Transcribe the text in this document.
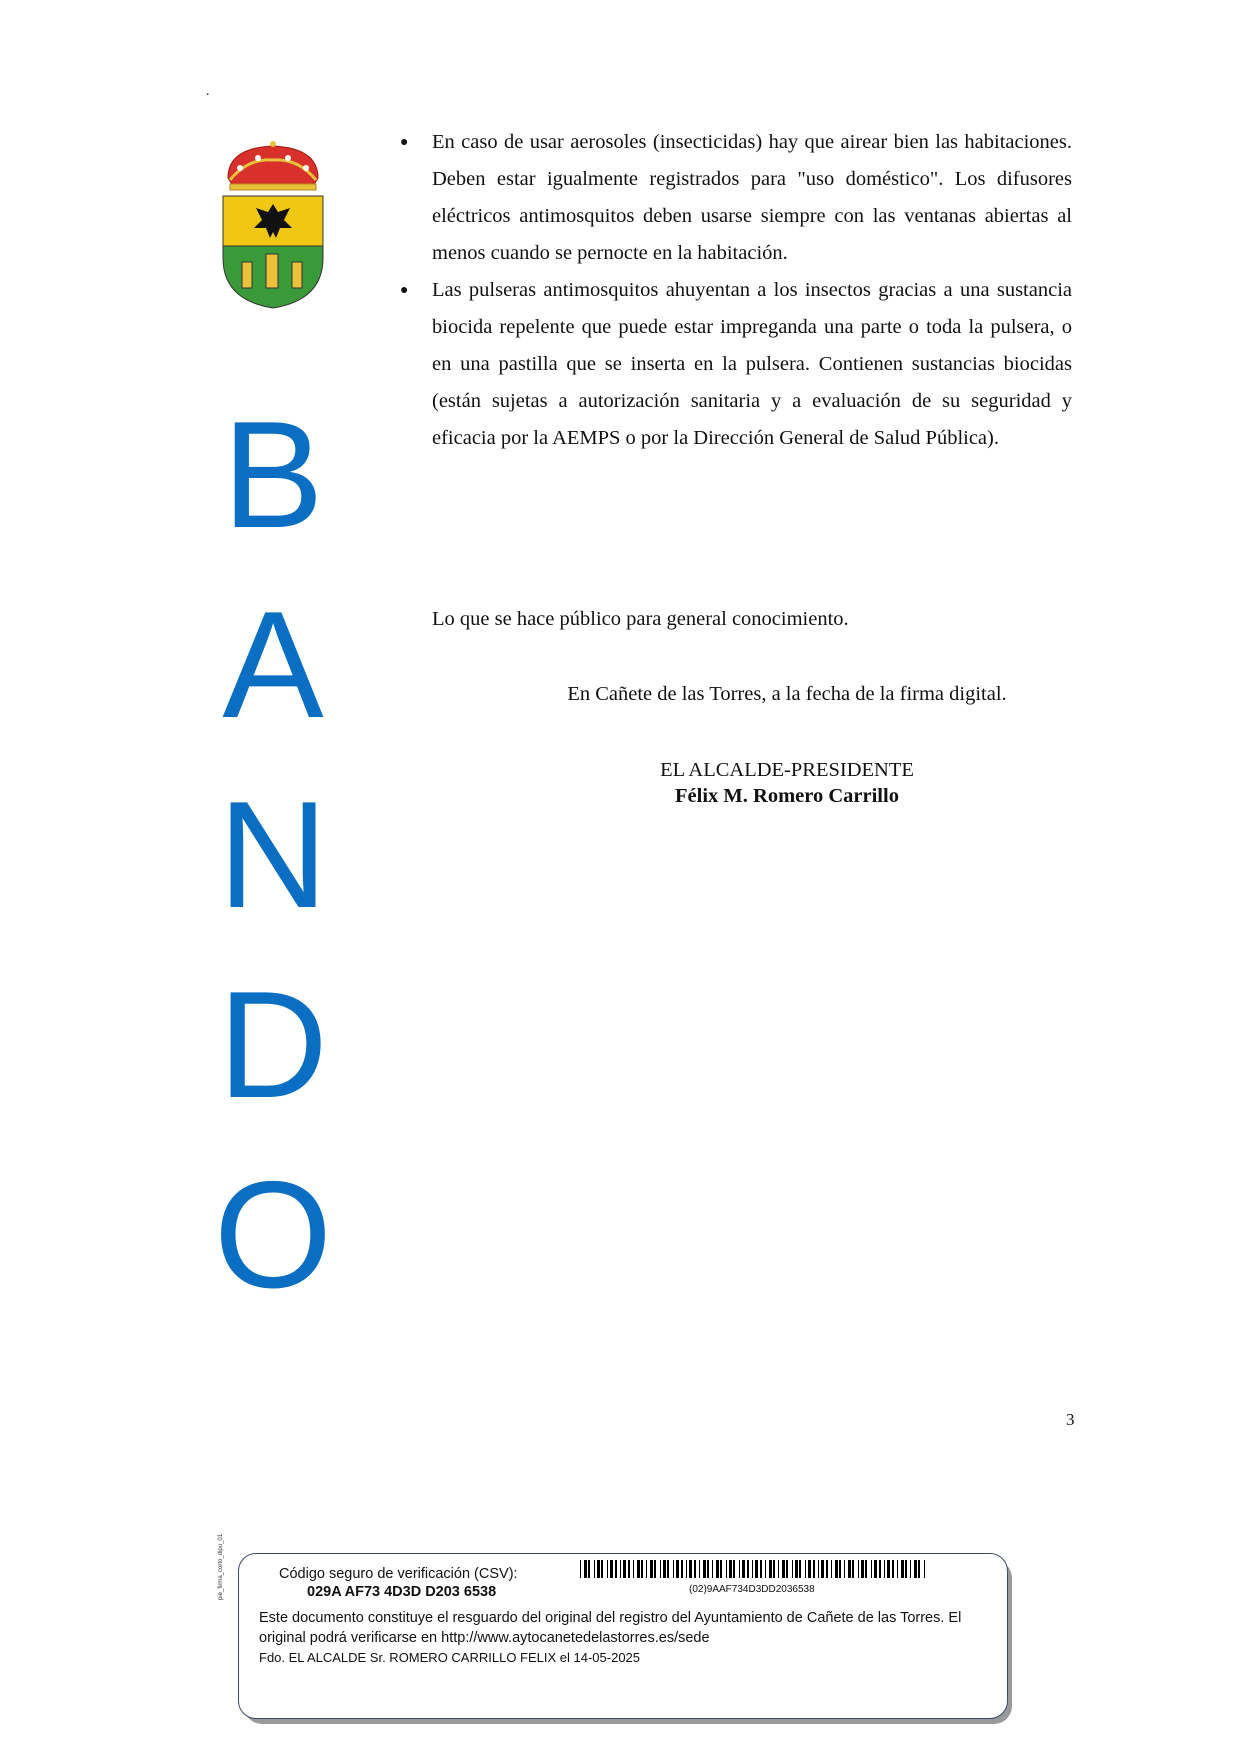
.
B
A
N
D
O
● En caso de usar aerosoles (insecticidas) hay que airear bien las habitaciones. Deben estar igualmente registrados para "uso doméstico". Los difusores eléctricos antimosquitos deben usarse siempre con las ventanas abiertas al menos cuando se pernocte en la habitación.
● Las pulseras antimosquitos ahuyentan a los insectos gracias a una sustancia biocida repelente que puede estar impreganda una parte o toda la pulsera, o en una pastilla que se inserta en la pulsera. Contienen sustancias biocidas (están sujetas a autorización sanitaria y a evaluación de su seguridad y eficacia por la AEMPS o por la Dirección General de Salud Pública).
Lo que se hace público para general conocimiento.
En Cañete de las Torres, a la fecha de la firma digital.
EL ALCALDE-PRESIDENTE
Félix M. Romero Carrillo
3
pie_firma_corto_dipu_01	Código seguro de verificación (CSV):
029A AF73 4D3D D203 6538	(02)9AAF734D3DD2036538
Este documento constituye el resguardo del original del registro del Ayuntamiento de Cañete de las Torres. El original podrá verificarse en http://www.aytocanetedelastorres.es/sede
Fdo. EL ALCALDE Sr. ROMERO CARRILLO FELIX el 14-05-2025
